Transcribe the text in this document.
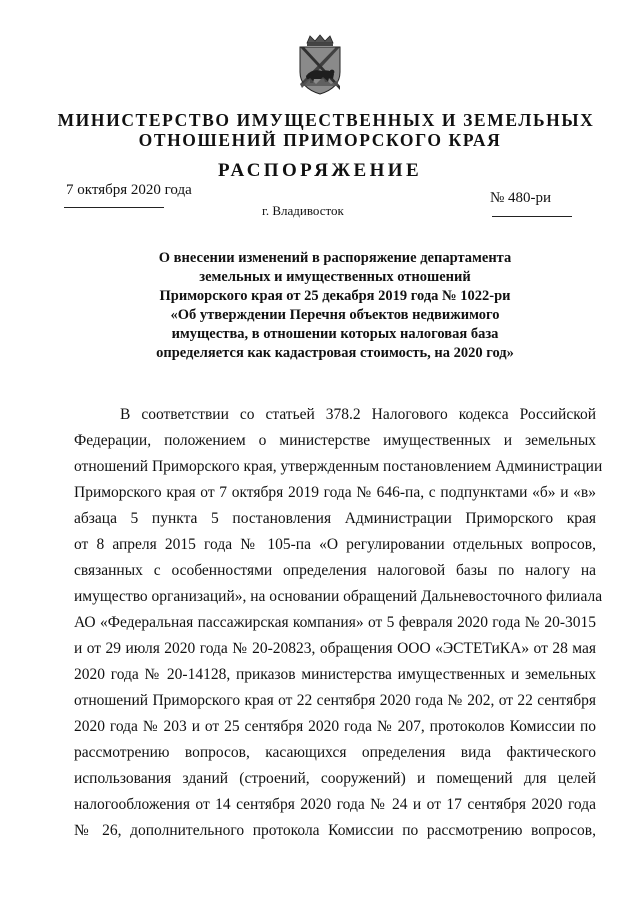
МИНИСТЕРСТВО ИМУЩЕСТВЕННЫХ И ЗЕМЕЛЬНЫХ
ОТНОШЕНИЙ ПРИМОРСКОГО КРАЯ
РАСПОРЯЖЕНИЕ
7 октября 2020 года
г. Владивосток
№ 480-ри
О внесении изменений в распоряжение департамента
земельных и имущественных отношений
Приморского края от 25 декабря 2019 года № 1022-ри
«Об утверждении Перечня объектов недвижимого
имущества, в отношении которых налоговая база
определяется как кадастровая стоимость, на 2020 год»
В соответствии со статьей 378.2 Налогового кодекса Российской
Федерации, положением о министерстве имущественных и земельных
отношений Приморского края, утвержденным постановлением Администрации
Приморского края от 7 октября 2019 года № 646-па, с подпунктами «б» и «в»
абзаца 5 пункта 5 постановления Администрации Приморского края
от 8 апреля 2015 года № 105-па «О регулировании отдельных вопросов,
связанных с особенностями определения налоговой базы по налогу на
имущество организаций», на основании обращений Дальневосточного филиала
АО «Федеральная пассажирская компания» от 5 февраля 2020 года № 20-3015
и от 29 июля 2020 года № 20-20823, обращения ООО «ЭСТЕТиКА» от 28 мая
2020 года № 20-14128, приказов министерства имущественных и земельных
отношений Приморского края от 22 сентября 2020 года № 202, от 22 сентября
2020 года № 203 и от 25 сентября 2020 года № 207, протоколов Комиссии по
рассмотрению вопросов, касающихся определения вида фактического
использования зданий (строений, сооружений) и помещений для целей
налогообложения от 14 сентября 2020 года № 24 и от 17 сентября 2020 года
№ 26, дополнительного протокола Комиссии по рассмотрению вопросов,
